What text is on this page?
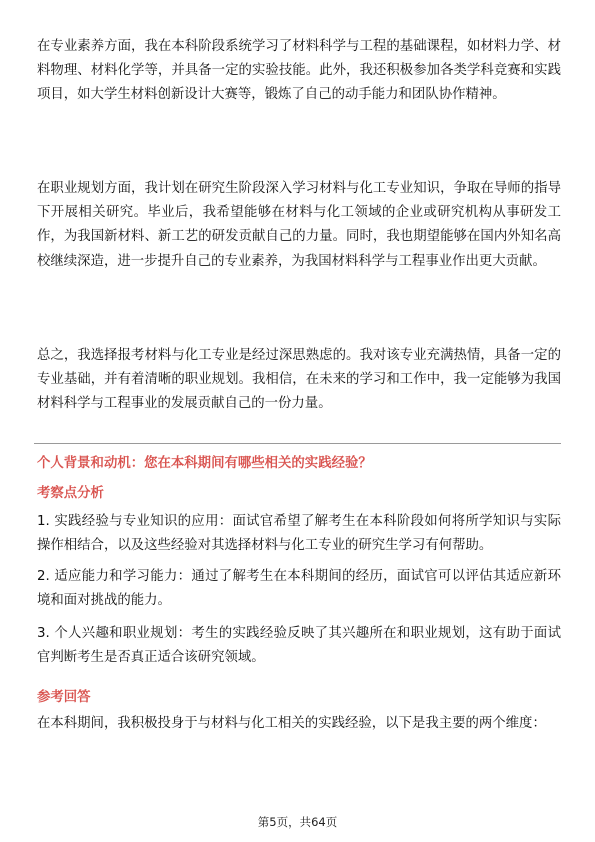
在专业素养方面，我在本科阶段系统学习了材料科学与工程的基础课程，如材料力学、材料物理、材料化学等，并具备一定的实验技能。此外，我还积极参加各类学科竞赛和实践项目，如大学生材料创新设计大赛等，锻炼了自己的动手能力和团队协作精神。

在职业规划方面，我计划在研究生阶段深入学习材料与化工专业知识，争取在导师的指导下开展相关研究。毕业后，我希望能够在材料与化工领域的企业或研究机构从事研发工作，为我国新材料、新工艺的研发贡献自己的力量。同时，我也期望能够在国内外知名高校继续深造，进一步提升自己的专业素养，为我国材料科学与工程事业作出更大贡献。

总之，我选择报考材料与化工专业是经过深思熟虑的。我对该专业充满热情，具备一定的专业基础，并有着清晰的职业规划。我相信，在未来的学习和工作中，我一定能够为我国材料科学与工程事业的发展贡献自己的一份力量。

个人背景和动机：您在本科期间有哪些相关的实践经验？

考察点分析

1. 实践经验与专业知识的应用：面试官希望了解考生在本科阶段如何将所学知识与实际操作相结合，以及这些经验对其选择材料与化工专业的研究生学习有何帮助。

2. 适应能力和学习能力：通过了解考生在本科期间的经历，面试官可以评估其适应新环境和面对挑战的能力。

3. 个人兴趣和职业规划：考生的实践经验反映了其兴趣所在和职业规划，这有助于面试官判断考生是否真正适合该研究领域。

参考回答

在本科期间，我积极投身于与材料与化工相关的实践经验，以下是我主要的两个维度：

第5页，共64页
